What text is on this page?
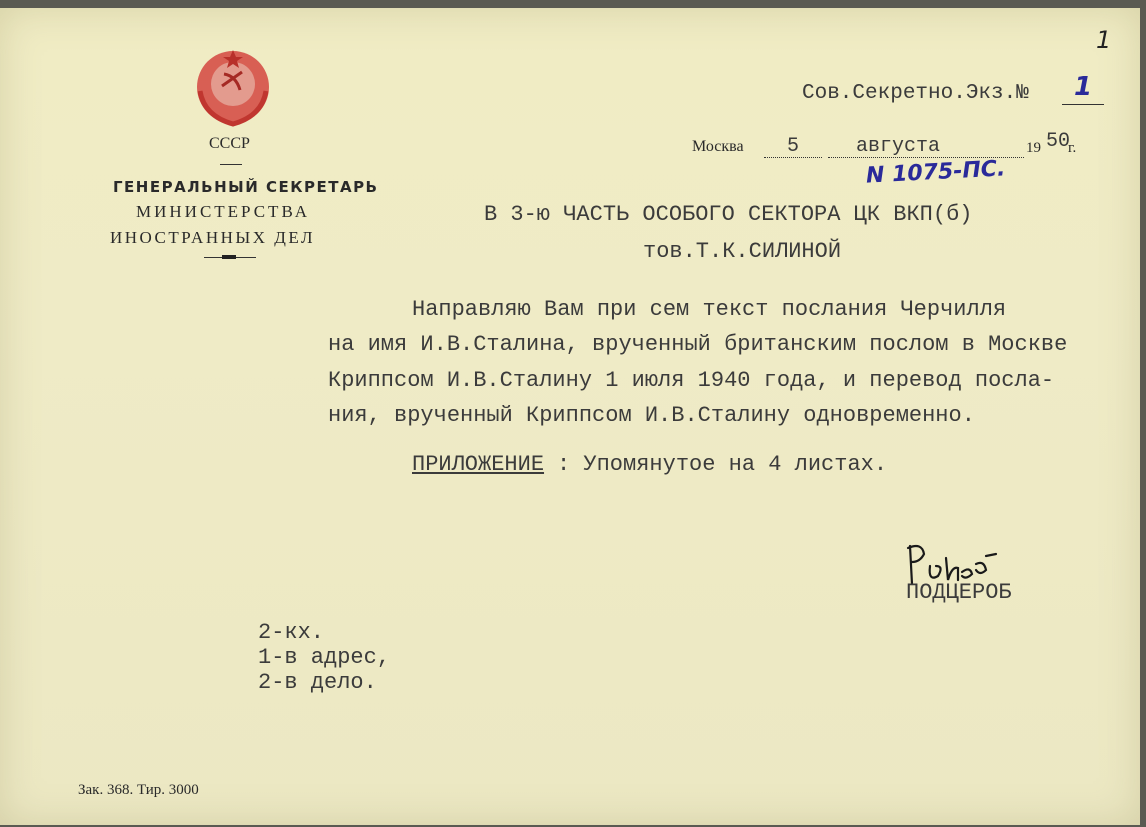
СССР
ГЕНЕРАЛЬНЫЙ СЕКРЕТАРЬ
МИНИСТЕРСТВА
ИНОСТРАННЫХ ДЕЛ
1
Сов.Секретно.Экз.№ 1
Москва 5	августа	19 50
г.
N 1075-ПС.
В 3-ю ЧАСТЬ ОСОБОГО СЕКТОРА ЦК ВКП(б)
тов.Т.К.СИЛИНОЙ
Направляю Вам при сем текст послания Черчилля
на имя И.В.Сталина, врученный британским послом в Москве
Криппсом И.В.Сталину 1 июля 1940 года, и перевод посла-
ния, врученный Криппсом И.В.Сталину одновременно.
ПРИЛОЖЕНИЕ : Упомянутое на 4 листах.
ПОДЦЕРОБ
2-кх.
1-в адрес,
2-в дело.
Зак. 368. Тир. 3000
